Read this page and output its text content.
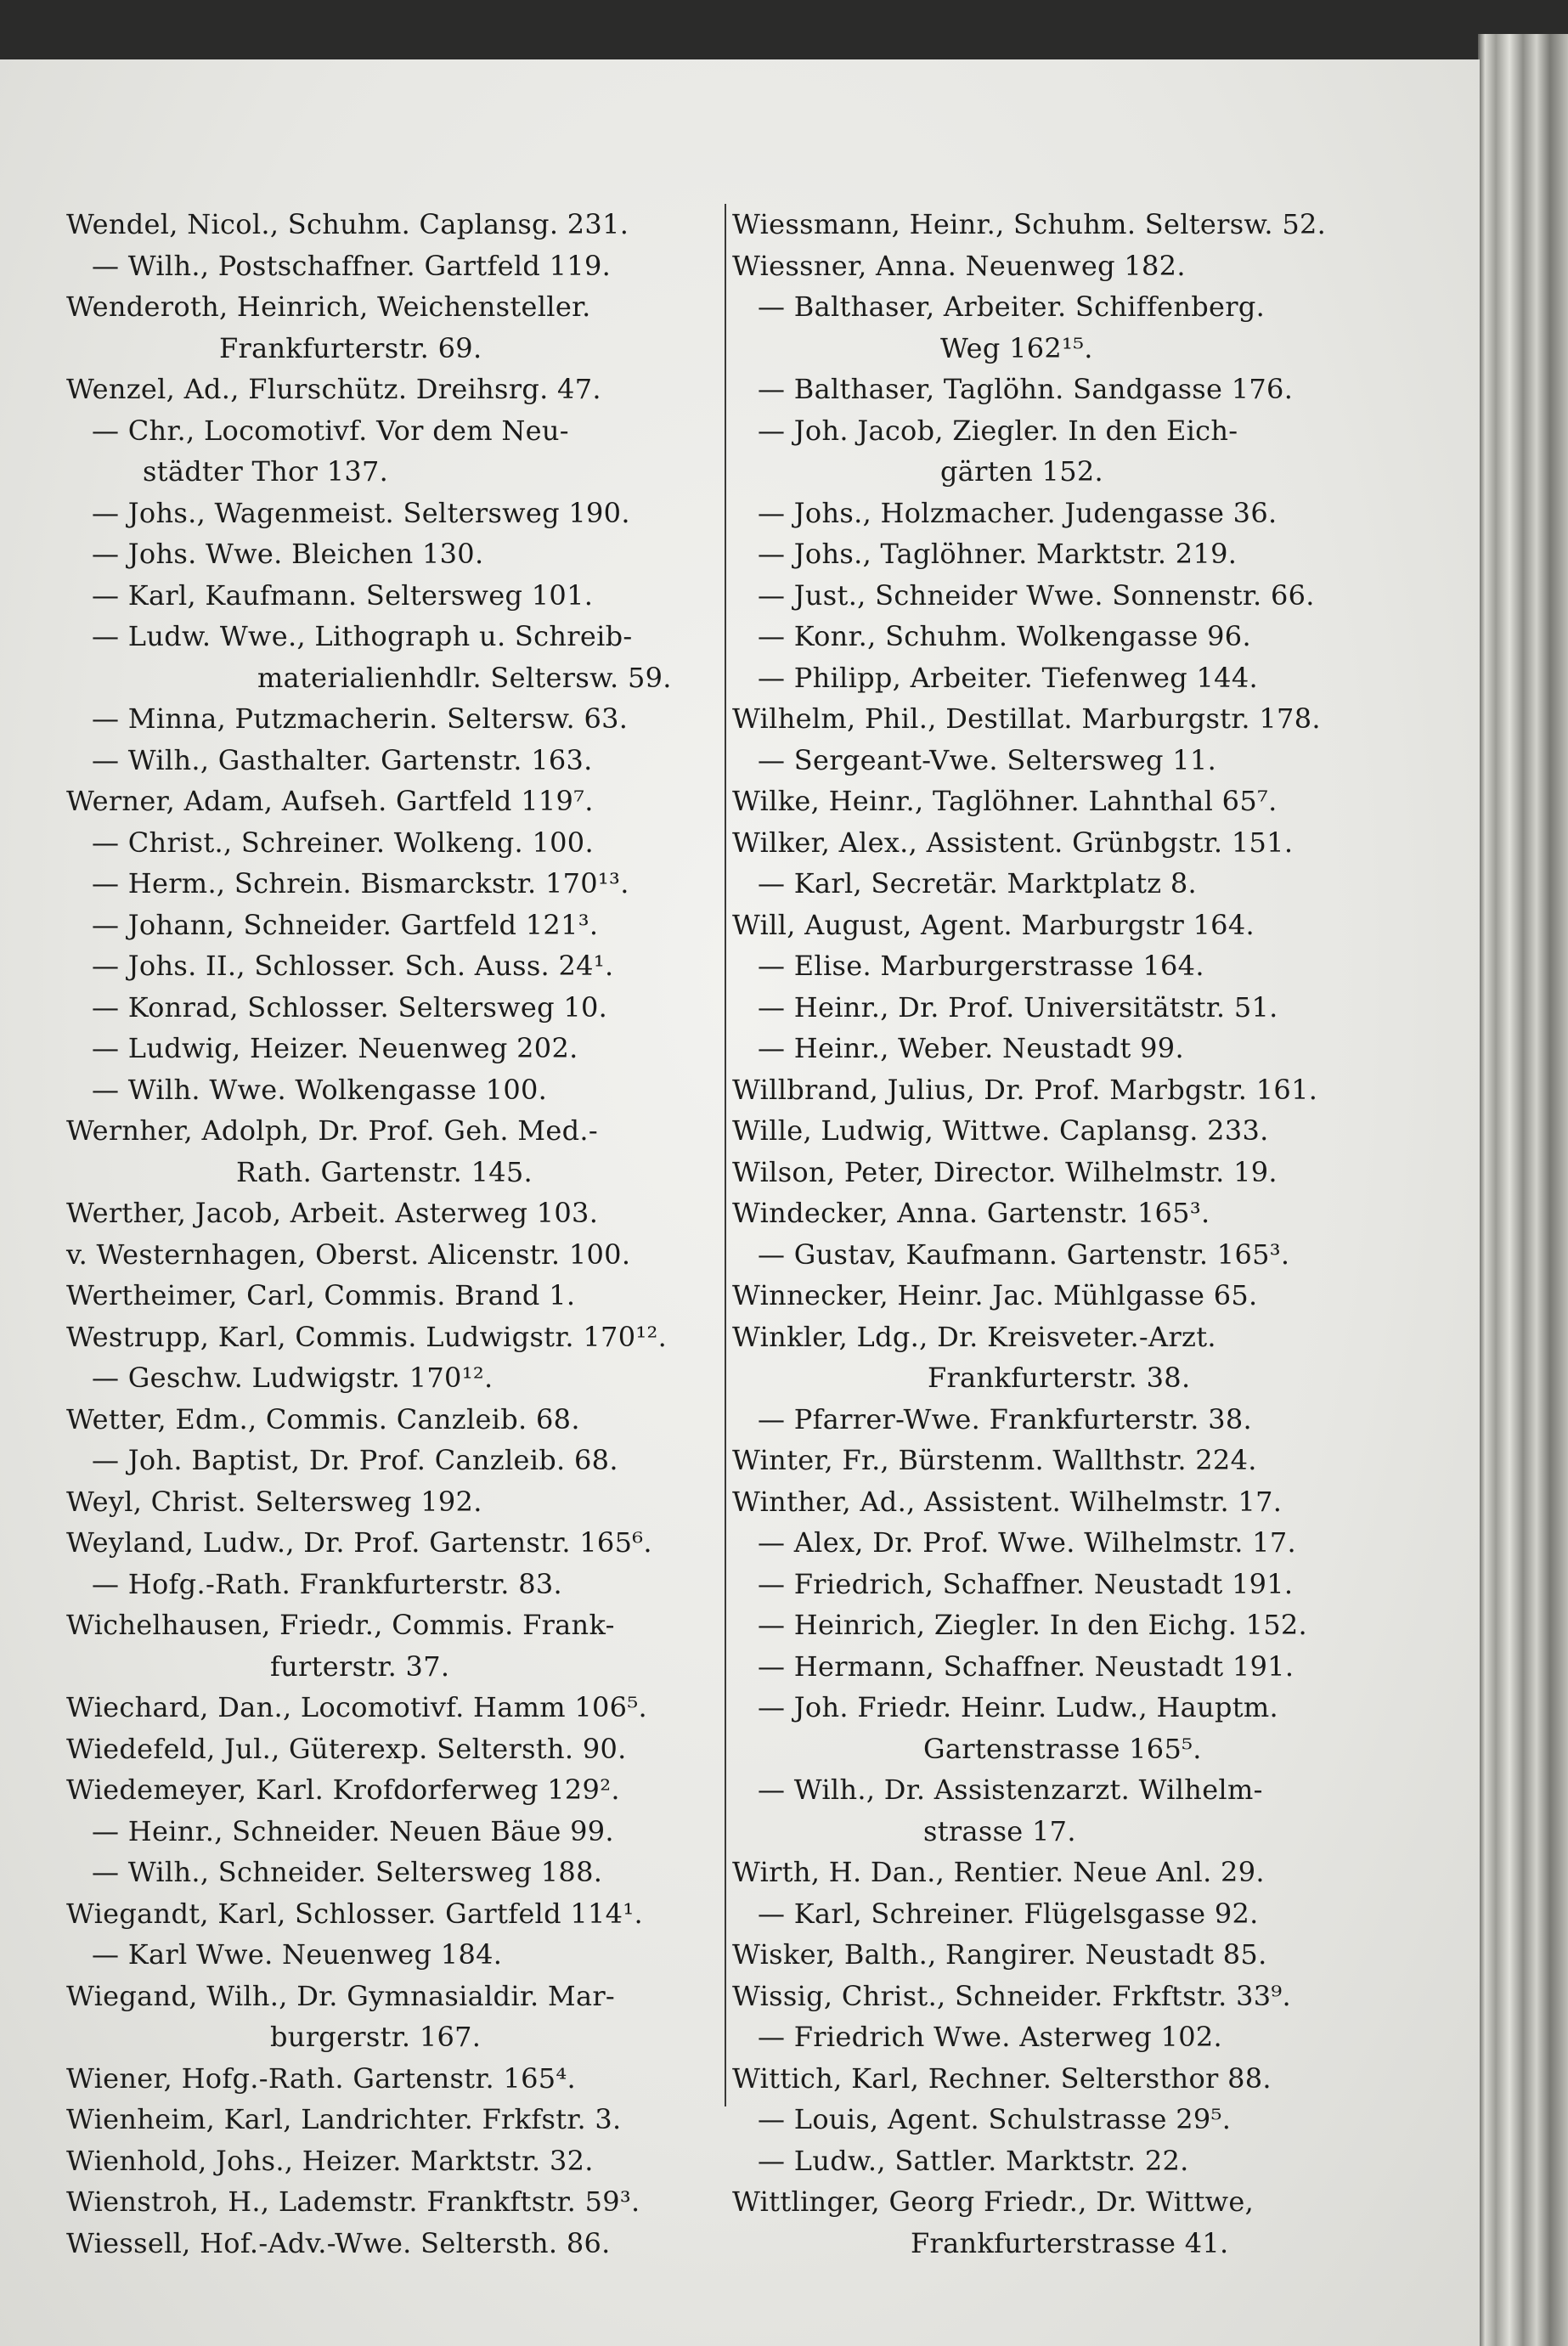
Wendel, Nicol., Schuhm. Caplansg. 231.
— Wilh., Postschaffner. Gartfeld 119.
Wenderoth, Heinrich, Weichensteller.
Frankfurterstr. 69.
Wenzel, Ad., Flurschütz. Dreihsrg. 47.
— Chr., Locomotivf. Vor dem Neu-
städter Thor 137.
— Johs., Wagenmeist. Seltersweg 190.
— Johs. Wwe. Bleichen 130.
— Karl, Kaufmann. Seltersweg 101.
— Ludw. Wwe., Lithograph u. Schreib-
materialienhdlr. Seltersw. 59.
— Minna, Putzmacherin. Seltersw. 63.
— Wilh., Gasthalter. Gartenstr. 163.
Werner, Adam, Aufseh. Gartfeld 119⁷.
— Christ., Schreiner. Wolkeng. 100.
— Herm., Schrein. Bismarckstr. 170¹³.
— Johann, Schneider. Gartfeld 121³.
— Johs. II., Schlosser. Sch. Auss. 24¹.
— Konrad, Schlosser. Seltersweg 10.
— Ludwig, Heizer. Neuenweg 202.
— Wilh. Wwe. Wolkengasse 100.
Wernher, Adolph, Dr. Prof. Geh. Med.-
Rath. Gartenstr. 145.
Werther, Jacob, Arbeit. Asterweg 103.
v. Westernhagen, Oberst. Alicenstr. 100.
Wertheimer, Carl, Commis. Brand 1.
Westrupp, Karl, Commis. Ludwigstr. 170¹².
— Geschw. Ludwigstr. 170¹².
Wetter, Edm., Commis. Canzleib. 68.
— Joh. Baptist, Dr. Prof. Canzleib. 68.
Weyl, Christ. Seltersweg 192.
Weyland, Ludw., Dr. Prof. Gartenstr. 165⁶.
— Hofg.-Rath. Frankfurterstr. 83.
Wichelhausen, Friedr., Commis. Frank-
furterstr. 37.
Wiechard, Dan., Locomotivf. Hamm 106⁵.
Wiedefeld, Jul., Güterexp. Seltersth. 90.
Wiedemeyer, Karl. Krofdorferweg 129².
— Heinr., Schneider. Neuen Bäue 99.
— Wilh., Schneider. Seltersweg 188.
Wiegandt, Karl, Schlosser. Gartfeld 114¹.
— Karl Wwe. Neuenweg 184.
Wiegand, Wilh., Dr. Gymnasialdir. Mar-
burgerstr. 167.
Wiener, Hofg.-Rath. Gartenstr. 165⁴.
Wienheim, Karl, Landrichter. Frkfstr. 3.
Wienhold, Johs., Heizer. Marktstr. 32.
Wienstroh, H., Lademstr. Frankftstr. 59³.
Wiessell, Hof.-Adv.-Wwe. Seltersth. 86.
Wiessmann, Heinr., Schuhm. Seltersw. 52.
Wiessner, Anna. Neuenweg 182.
— Balthaser, Arbeiter. Schiffenberg.
Weg 162¹⁵.
— Balthaser, Taglöhn. Sandgasse 176.
— Joh. Jacob, Ziegler. In den Eich-
gärten 152.
— Johs., Holzmacher. Judengasse 36.
— Johs., Taglöhner. Marktstr. 219.
— Just., Schneider Wwe. Sonnenstr. 66.
— Konr., Schuhm. Wolkengasse 96.
— Philipp, Arbeiter. Tiefenweg 144.
Wilhelm, Phil., Destillat. Marburgstr. 178.
— Sergeant-Vwe. Seltersweg 11.
Wilke, Heinr., Taglöhner. Lahnthal 65⁷.
Wilker, Alex., Assistent. Grünbgstr. 151.
— Karl, Secretär. Marktplatz 8.
Will, August, Agent. Marburgstr 164.
— Elise. Marburgerstrasse 164.
— Heinr., Dr. Prof. Universitätstr. 51.
— Heinr., Weber. Neustadt 99.
Willbrand, Julius, Dr. Prof. Marbgstr. 161.
Wille, Ludwig, Wittwe. Caplansg. 233.
Wilson, Peter, Director. Wilhelmstr. 19.
Windecker, Anna. Gartenstr. 165³.
— Gustav, Kaufmann. Gartenstr. 165³.
Winnecker, Heinr. Jac. Mühlgasse 65.
Winkler, Ldg., Dr. Kreisveter.-Arzt.
Frankfurterstr. 38.
— Pfarrer-Wwe. Frankfurterstr. 38.
Winter, Fr., Bürstenm. Wallthstr. 224.
Winther, Ad., Assistent. Wilhelmstr. 17.
— Alex, Dr. Prof. Wwe. Wilhelmstr. 17.
— Friedrich, Schaffner. Neustadt 191.
— Heinrich, Ziegler. In den Eichg. 152.
— Hermann, Schaffner. Neustadt 191.
— Joh. Friedr. Heinr. Ludw., Hauptm.
Gartenstrasse 165⁵.
— Wilh., Dr. Assistenzarzt. Wilhelm-
strasse 17.
Wirth, H. Dan., Rentier. Neue Anl. 29.
— Karl, Schreiner. Flügelsgasse 92.
Wisker, Balth., Rangirer. Neustadt 85.
Wissig, Christ., Schneider. Frkftstr. 33⁹.
— Friedrich Wwe. Asterweg 102.
Wittich, Karl, Rechner. Seltersthor 88.
— Louis, Agent. Schulstrasse 29⁵.
— Ludw., Sattler. Marktstr. 22.
Wittlinger, Georg Friedr., Dr. Wittwe,
Frankfurterstrasse 41.
